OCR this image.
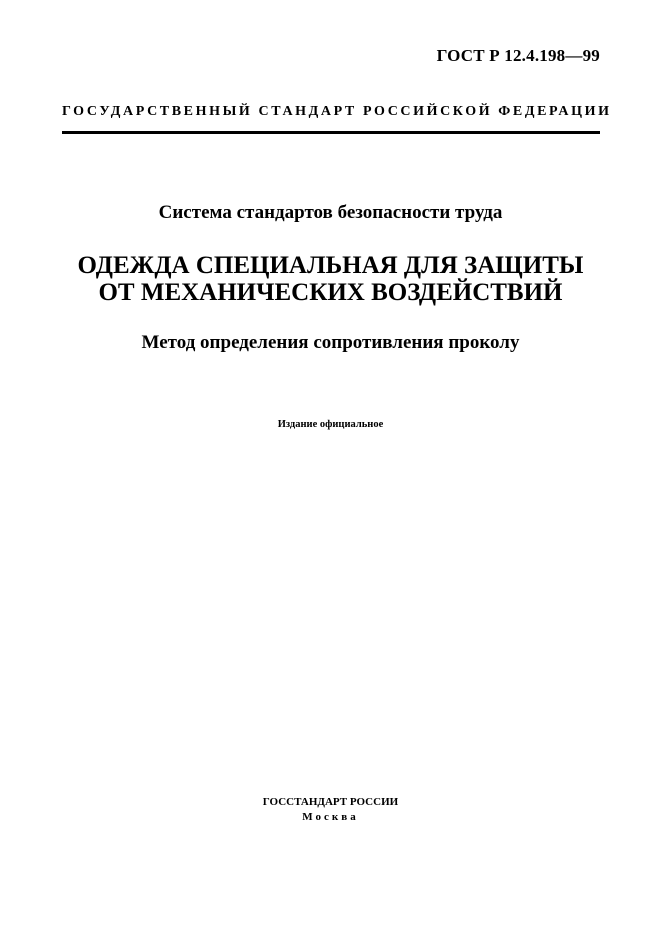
ГОСТ Р 12.4.198—99
ГОСУДАРСТВЕННЫЙ СТАНДАРТ РОССИЙСКОЙ ФЕДЕРАЦИИ
Система стандартов безопасности труда
ОДЕЖДА СПЕЦИАЛЬНАЯ ДЛЯ ЗАЩИТЫ
ОТ МЕХАНИЧЕСКИХ ВОЗДЕЙСТВИЙ
Метод определения сопротивления проколу
Издание официальное
ГОССТАНДАРТ РОССИИ
Москва
